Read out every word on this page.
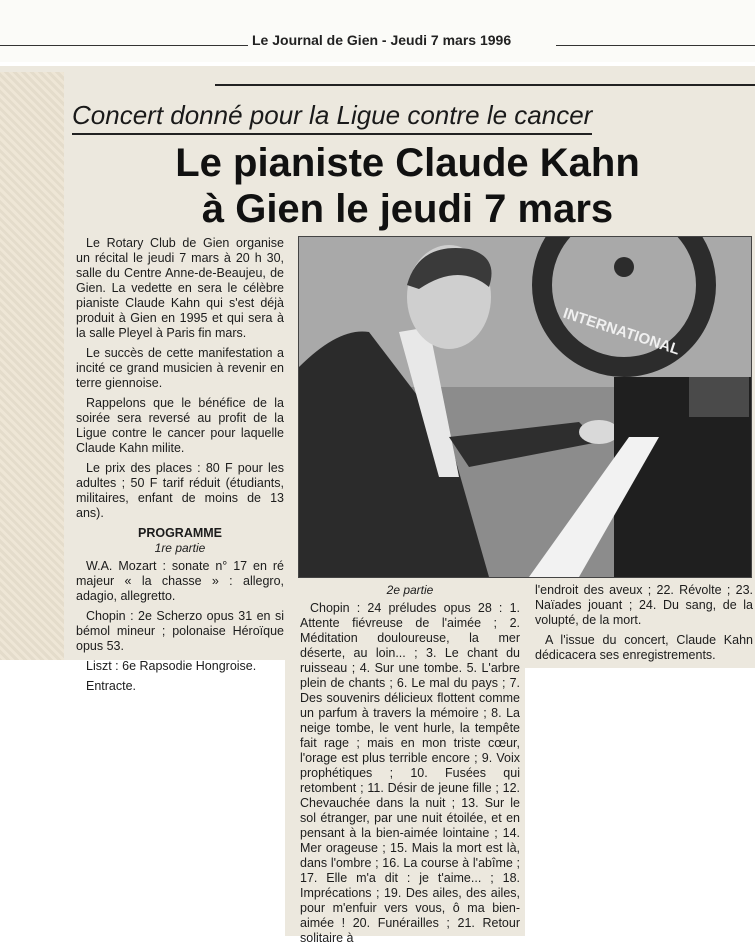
Le Journal de Gien - Jeudi 7 mars 1996
Concert donné pour la Ligue contre le cancer
Le pianiste Claude Kahn
à Gien le jeudi 7 mars

Le Rotary Club de Gien organise un récital le jeudi 7 mars à 20 h 30, salle du Centre Anne-de-Beaujeu, de Gien. La vedette en sera le célèbre pianiste Claude Kahn qui s'est déjà produit à Gien en 1995 et qui sera à la salle Pleyel à Paris fin mars.

Le succès de cette manifestation a incité ce grand musicien à revenir en terre giennoise.

Rappelons que le bénéfice de la soirée sera reversé au profit de la Ligue contre le cancer pour laquelle Claude Kahn milite.

Le prix des places : 80 F pour les adultes ; 50 F tarif réduit (étudiants, militaires, enfant de moins de 13 ans).

PROGRAMME
1re partie

W.A. Mozart : sonate n° 17 en ré majeur « la chasse » : allegro, adagio, allegretto.

Chopin : 2e Scherzo opus 31 en si bémol mineur ; polonaise Héroïque opus 53.

Liszt : 6e Rapsodie Hongroise.

Entracte.

INTERNATIONAL
2e partie

Chopin : 24 préludes opus 28 : 1. Attente fiévreuse de l'aimée ; 2. Méditation douloureuse, la mer déserte, au loin... ; 3. Le chant du ruisseau ; 4. Sur une tombe. 5. L'arbre plein de chants ; 6. Le mal du pays ; 7. Des souvenirs délicieux flottent comme un parfum à travers la mémoire ; 8. La neige tombe, le vent hurle, la tempête fait rage ; mais en mon triste cœur, l'orage est plus terrible encore ; 9. Voix prophétiques ; 10. Fusées qui retombent ; 11. Désir de jeune fille ; 12. Chevauchée dans la nuit ; 13. Sur le sol étranger, par une nuit étoilée, et en pensant à la bien-aimée lointaine ; 14. Mer orageuse ; 15. Mais la mort est là, dans l'ombre ; 16. La course à l'abîme ; 17. Elle m'a dit : je t'aime... ; 18. Imprécations ; 19. Des ailes, des ailes, pour m'enfuir vers vous, ô ma bien-aimée ! 20. Funérailles ; 21. Retour solitaire à

l'endroit des aveux ; 22. Révolte ; 23. Naïades jouant ; 24. Du sang, de la volupté, de la mort.

A l'issue du concert, Claude Kahn dédicacera ses enregistrements.
